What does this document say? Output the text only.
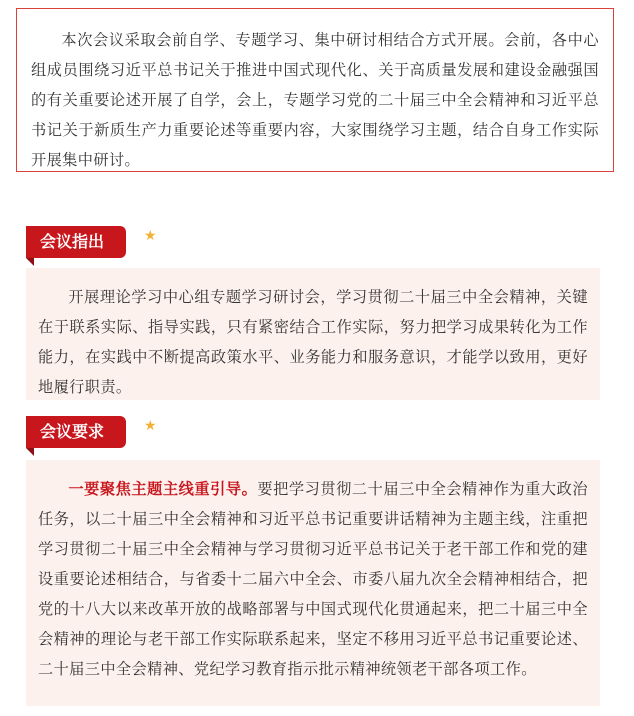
本次会议采取会前自学、专题学习、集中研讨相结合方式开展。会前，各中心组成员围绕习近平总书记关于推进中国式现代化、关于高质量发展和建设金融强国的有关重要论述开展了自学，会上，专题学习党的二十届三中全会精神和习近平总书记关于新质生产力重要论述等重要内容，大家围绕学习主题，结合自身工作实际开展集中研讨。

会议指出	★

开展理论学习中心组专题学习研讨会，学习贯彻二十届三中全会精神，关键在于联系实际、指导实践，只有紧密结合工作实际，努力把学习成果转化为工作能力，在实践中不断提高政策水平、业务能力和服务意识，才能学以致用，更好地履行职责。

会议要求	★

一要聚焦主题主线重引导。要把学习贯彻二十届三中全会精神作为重大政治任务，以二十届三中全会精神和习近平总书记重要讲话精神为主题主线，注重把学习贯彻二十届三中全会精神与学习贯彻习近平总书记关于老干部工作和党的建设重要论述相结合，与省委十二届六中全会、市委八届九次全会精神相结合，把党的十八大以来改革开放的战略部署与中国式现代化贯通起来，把二十届三中全会精神的理论与老干部工作实际联系起来，坚定不移用习近平总书记重要论述、二十届三中全会精神、党纪学习教育指示批示精神统领老干部各项工作。
